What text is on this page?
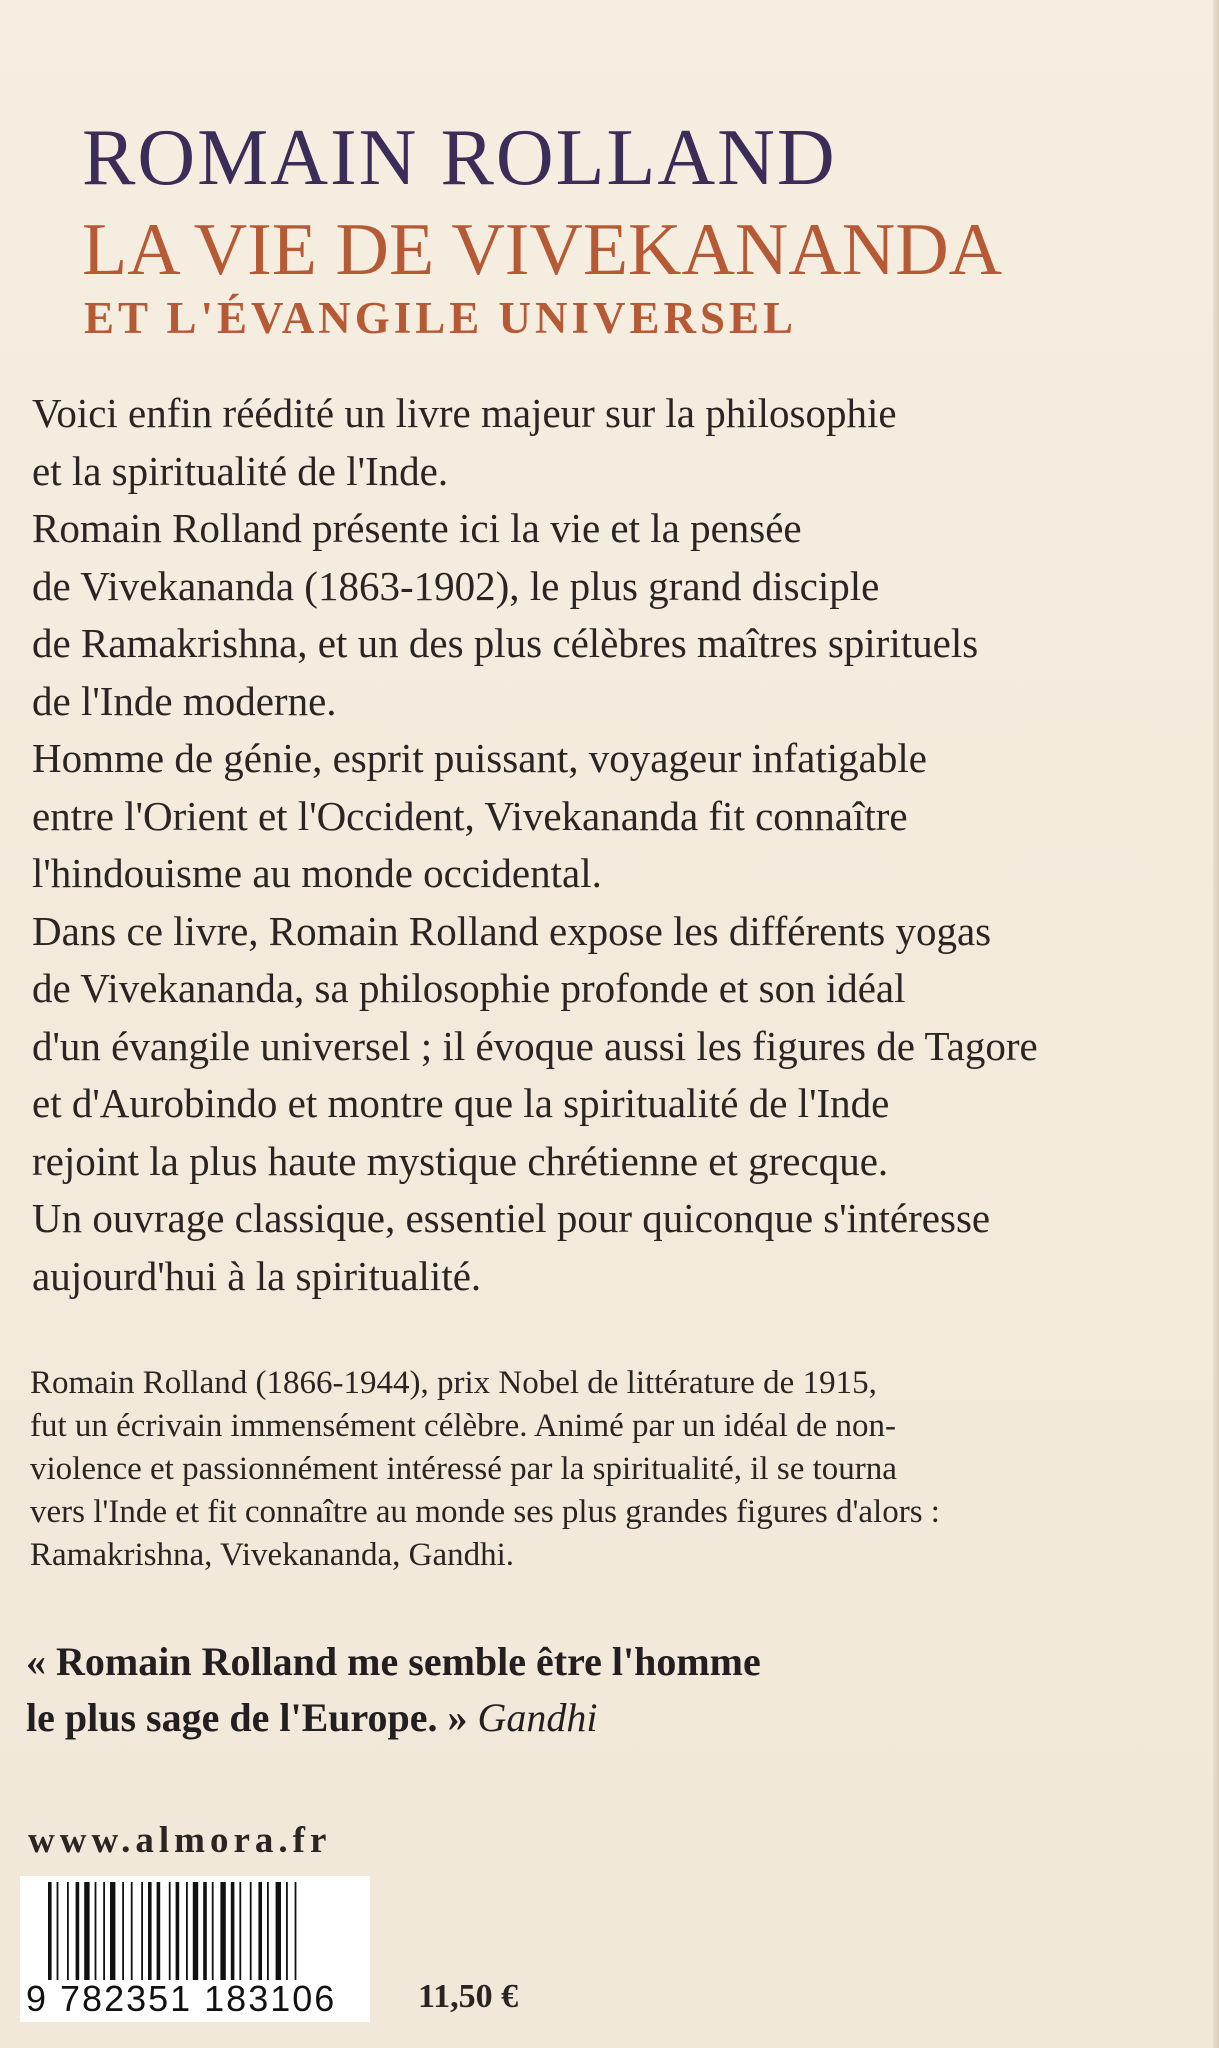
ROMAIN ROLLAND
LA VIE DE VIVEKANANDA
ET L'ÉVANGILE UNIVERSEL
Voici enfin réédité un livre majeur sur la philosophie
et la spiritualité de l'Inde.
Romain Rolland présente ici la vie et la pensée
de Vivekananda (1863-1902), le plus grand disciple
de Ramakrishna, et un des plus célèbres maîtres spirituels
de l'Inde moderne.
Homme de génie, esprit puissant, voyageur infatigable
entre l'Orient et l'Occident, Vivekananda fit connaître
l'hindouisme au monde occidental.
Dans ce livre, Romain Rolland expose les différents yogas
de Vivekananda, sa philosophie profonde et son idéal
d'un évangile universel ; il évoque aussi les figures de Tagore
et d'Aurobindo et montre que la spiritualité de l'Inde
rejoint la plus haute mystique chrétienne et grecque.
Un ouvrage classique, essentiel pour quiconque s'intéresse
aujourd'hui à la spiritualité.
Romain Rolland (1866-1944), prix Nobel de littérature de 1915,
fut un écrivain immensément célèbre. Animé par un idéal de non-
violence et passionnément intéressé par la spiritualité, il se tourna
vers l'Inde et fit connaître au monde ses plus grandes figures d'alors :
Ramakrishna, Vivekananda, Gandhi.
« Romain Rolland me semble être l'homme
le plus sage de l'Europe. » Gandhi
www.almora.fr
9 782351 183106	11,50 €
